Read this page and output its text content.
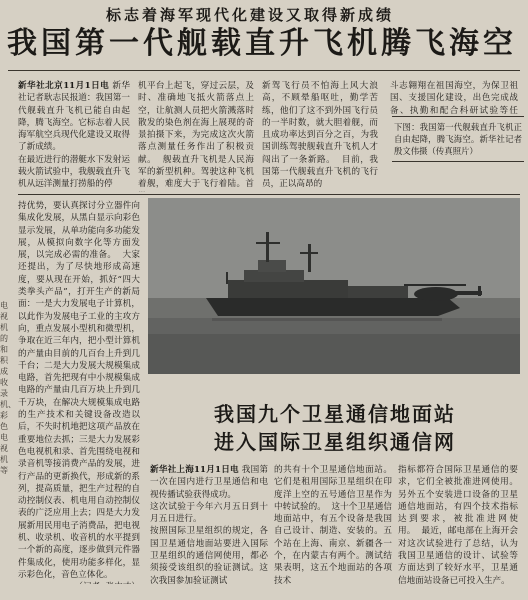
标志着海军现代化建设又取得新成绩
我国第一代舰载直升飞机腾飞海空

新华社北京11月1日电 新华社记者耿志民报道：我国第一代舰载直升飞机已能自由起降，腾飞海空。它标志着人民海军航空兵现代化建设又取得了新成绩。

在最近进行的潜艇水下发射运载火箭试验中，我舰载直升飞机从远洋测量打捞船的停

机平台上起飞，穿过云层，及时、准确地飞抵火箭落点上空，让航测人员把火箭溅落时散发的染色剂在海上展现的奇景拍摄下来，为完成这次火箭落点测量任务作出了积极贡献。  舰载直升飞机是人民海军的新型机种。驾驶这种飞机着舰，难度大于飞行着陆。首
新驾飞行员不怕海上风大浪高，不顾晕船呕吐，勤学苦练，他们了这不到外国飞行员的一半时数，就大胆着舰，而且成功率达到百分之百，为我国训练驾驶舰载直升飞机人才闯出了一条新路。  目前，我国第一代舰载直升飞机的飞行员，正以高昂的
斗志翱翔在祖国海空，为保卫祖国、支援国化建设，出色完成战备、执勤和配合科研试验等任
下图：我国第一代舰载直升飞机正自由起降，腾飞海空。新华社记者殷文伟摄（传真照片）

持优势，要认真探讨分立器件向集成化发展，从黑白显示向彩色显示发展，从单功能向多功能发展，从模拟向数字化等方面发展，以完成必需的准备。  大家还提出，为了尽快地形成高速度，要从现在开始，抓好“四大类拳头产品”，打开生产的新局面：一是大力发展电子计算机，以此作为发展电子工业的主攻方向，重点发展小型机和微型机，争取在近三年内，把小型计算机的产量由目前的几百台上升到几千台；二是大力发展大规模集成电路，首先把现有中小规模集成电路的产量由几百万块上升到几千万块，在解决大规模集成电路的生产技术和关键设备改造以后，不失时机地把这项产品放在重要地位去抓；三是大力发展彩色电视机和录、首先围绕电视和录音机等接消费产品的发展，进行产品的更新换代，形成新的系列，提高质量，把生产过程的自动控制仪表、机电用自动控制仪表的广泛应用上去；四是大力发展新用民用电子消费品，把电视机、收录机、收音机的水平提到一个新的高度，逐步做到元件器件集成化，使用功能多样化，显示彩色化，音色立体化。

我国九个卫星通信地面站
进入国际卫星组织通信网

新华社上海11月1日电 我国第一次在国内进行卫星通信和电视传播试验获得成功。

这次试验于今年六月五日到十月五日进行。

按照国际卫星组织的规定，各国卫星通信地面站要进入国际卫星组织的通信网使用，都必须接受该组织的验证测试。这次我国参加验证测试

的共有十个卫星通信地面站。它们是租用国际卫星组织在印度洋上空的五号通信卫星作为中转试验的。  这十个卫星通信地面站中，有五个设备是我国自己设计、制造、安装的。五个站在上海、南京、新疆各一个，在内蒙古有两个。测试结果表明，这五个地面站的各项技术
指标都符合国际卫星通信的要求，它们全被批准进网使用。另外五个安装进口设备的卫星通信地面站，有四个技术指标达到要求，被批准进网使用。  最近，邮电部在上海开会对这次试验进行了总结，认为我国卫星通信的设计、试验等方面达到了较好水平，卫星通信地面站设备已可投入生产。
电视机的和积成收录机、彩色电视机等
